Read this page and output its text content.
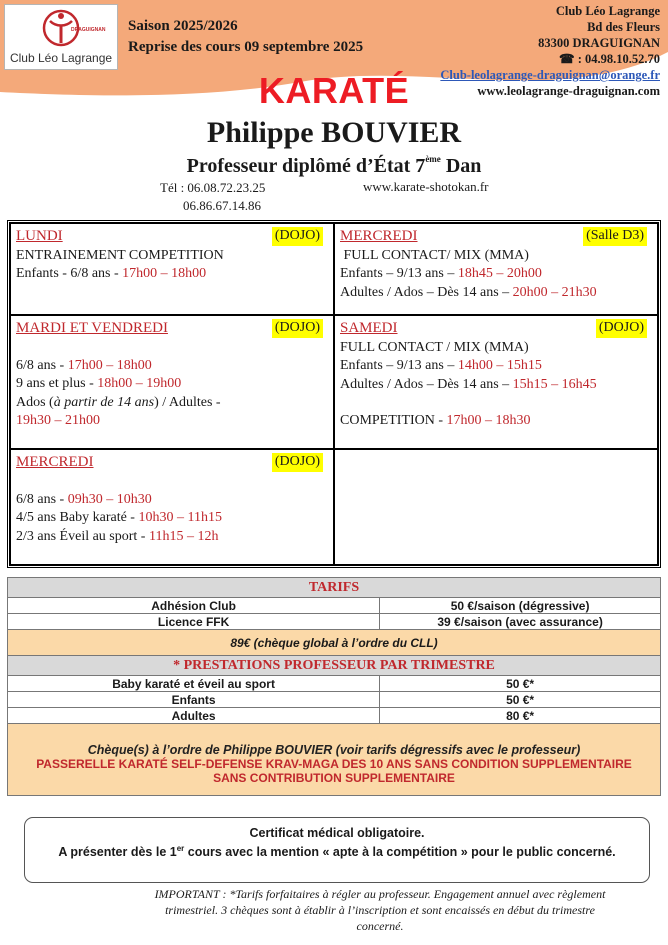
DRAGUIGNAN
Club Léo Lagrange
Saison 2025/2026
Reprise des cours 09 septembre 2025
Club Léo Lagrange
Bd des Fleurs
83300 DRAGUIGNAN
☎ : 04.98.10.52.70
Club-leolagrange-draguignan@orange.fr
www.leolagrange-draguignan.com
KARATÉ
Philippe BOUVIER
Professeur diplômé d’État 7ème Dan
Tél : 06.08.72.23.25
06.86.67.14.86
www.karate-shotokan.fr
LUNDI	(DOJO)
ENTRAINEMENT COMPETITION
Enfants - 6/8 ans - 17h00 – 18h00
MERCREDI	(Salle D3)
FULL CONTACT/ MIX (MMA)
Enfants – 9/13 ans – 18h45 – 20h00
Adultes / Ados – Dès 14 ans – 20h00 – 21h30
MARDI ET VENDREDI	(DOJO)
6/8 ans - 17h00 – 18h00
9 ans et plus - 18h00 – 19h00
Ados (à partir de 14 ans) / Adultes -
19h30 – 21h00
SAMEDI	(DOJO)
FULL CONTACT / MIX (MMA)
Enfants – 9/13 ans – 14h00 – 15h15
Adultes / Ados – Dès 14 ans – 15h15 – 16h45
COMPETITION - 17h00 – 18h30
MERCREDI	(DOJO)
6/8 ans - 09h30 – 10h30
4/5 ans Baby karaté - 10h30 – 11h15
2/3 ans Éveil au sport - 11h15 – 12h
TARIFS	
Adhésion Club	50 €/saison (dégressive)
Licence FFK	39 €/saison (avec assurance)
89€ (chèque global à l’ordre du CLL)	
* PRESTATIONS PROFESSEUR PAR TRIMESTRE	
Baby karaté et éveil au sport	50 €*
Enfants	50 €*
Adultes	80 €*

Chèque(s) à l’ordre de Philippe BOUVIER (voir tarifs dégressifs avec le professeur)
PASSERELLE KARATÉ SELF-DEFENSE KRAV-MAGA DES 10 ANS SANS CONDITION SUPPLEMENTAIRE
SANS CONTRIBUTION SUPPLEMENTAIRE	
Certificat médical obligatoire.
A présenter dès le 1er cours avec la mention « apte à la compétition » pour le public concerné.
IMPORTANT : *Tarifs forfaitaires à régler au professeur. Engagement annuel avec règlement trimestriel. 3 chèques sont à établir à l’inscription et sont encaissés en début du trimestre concerné.
